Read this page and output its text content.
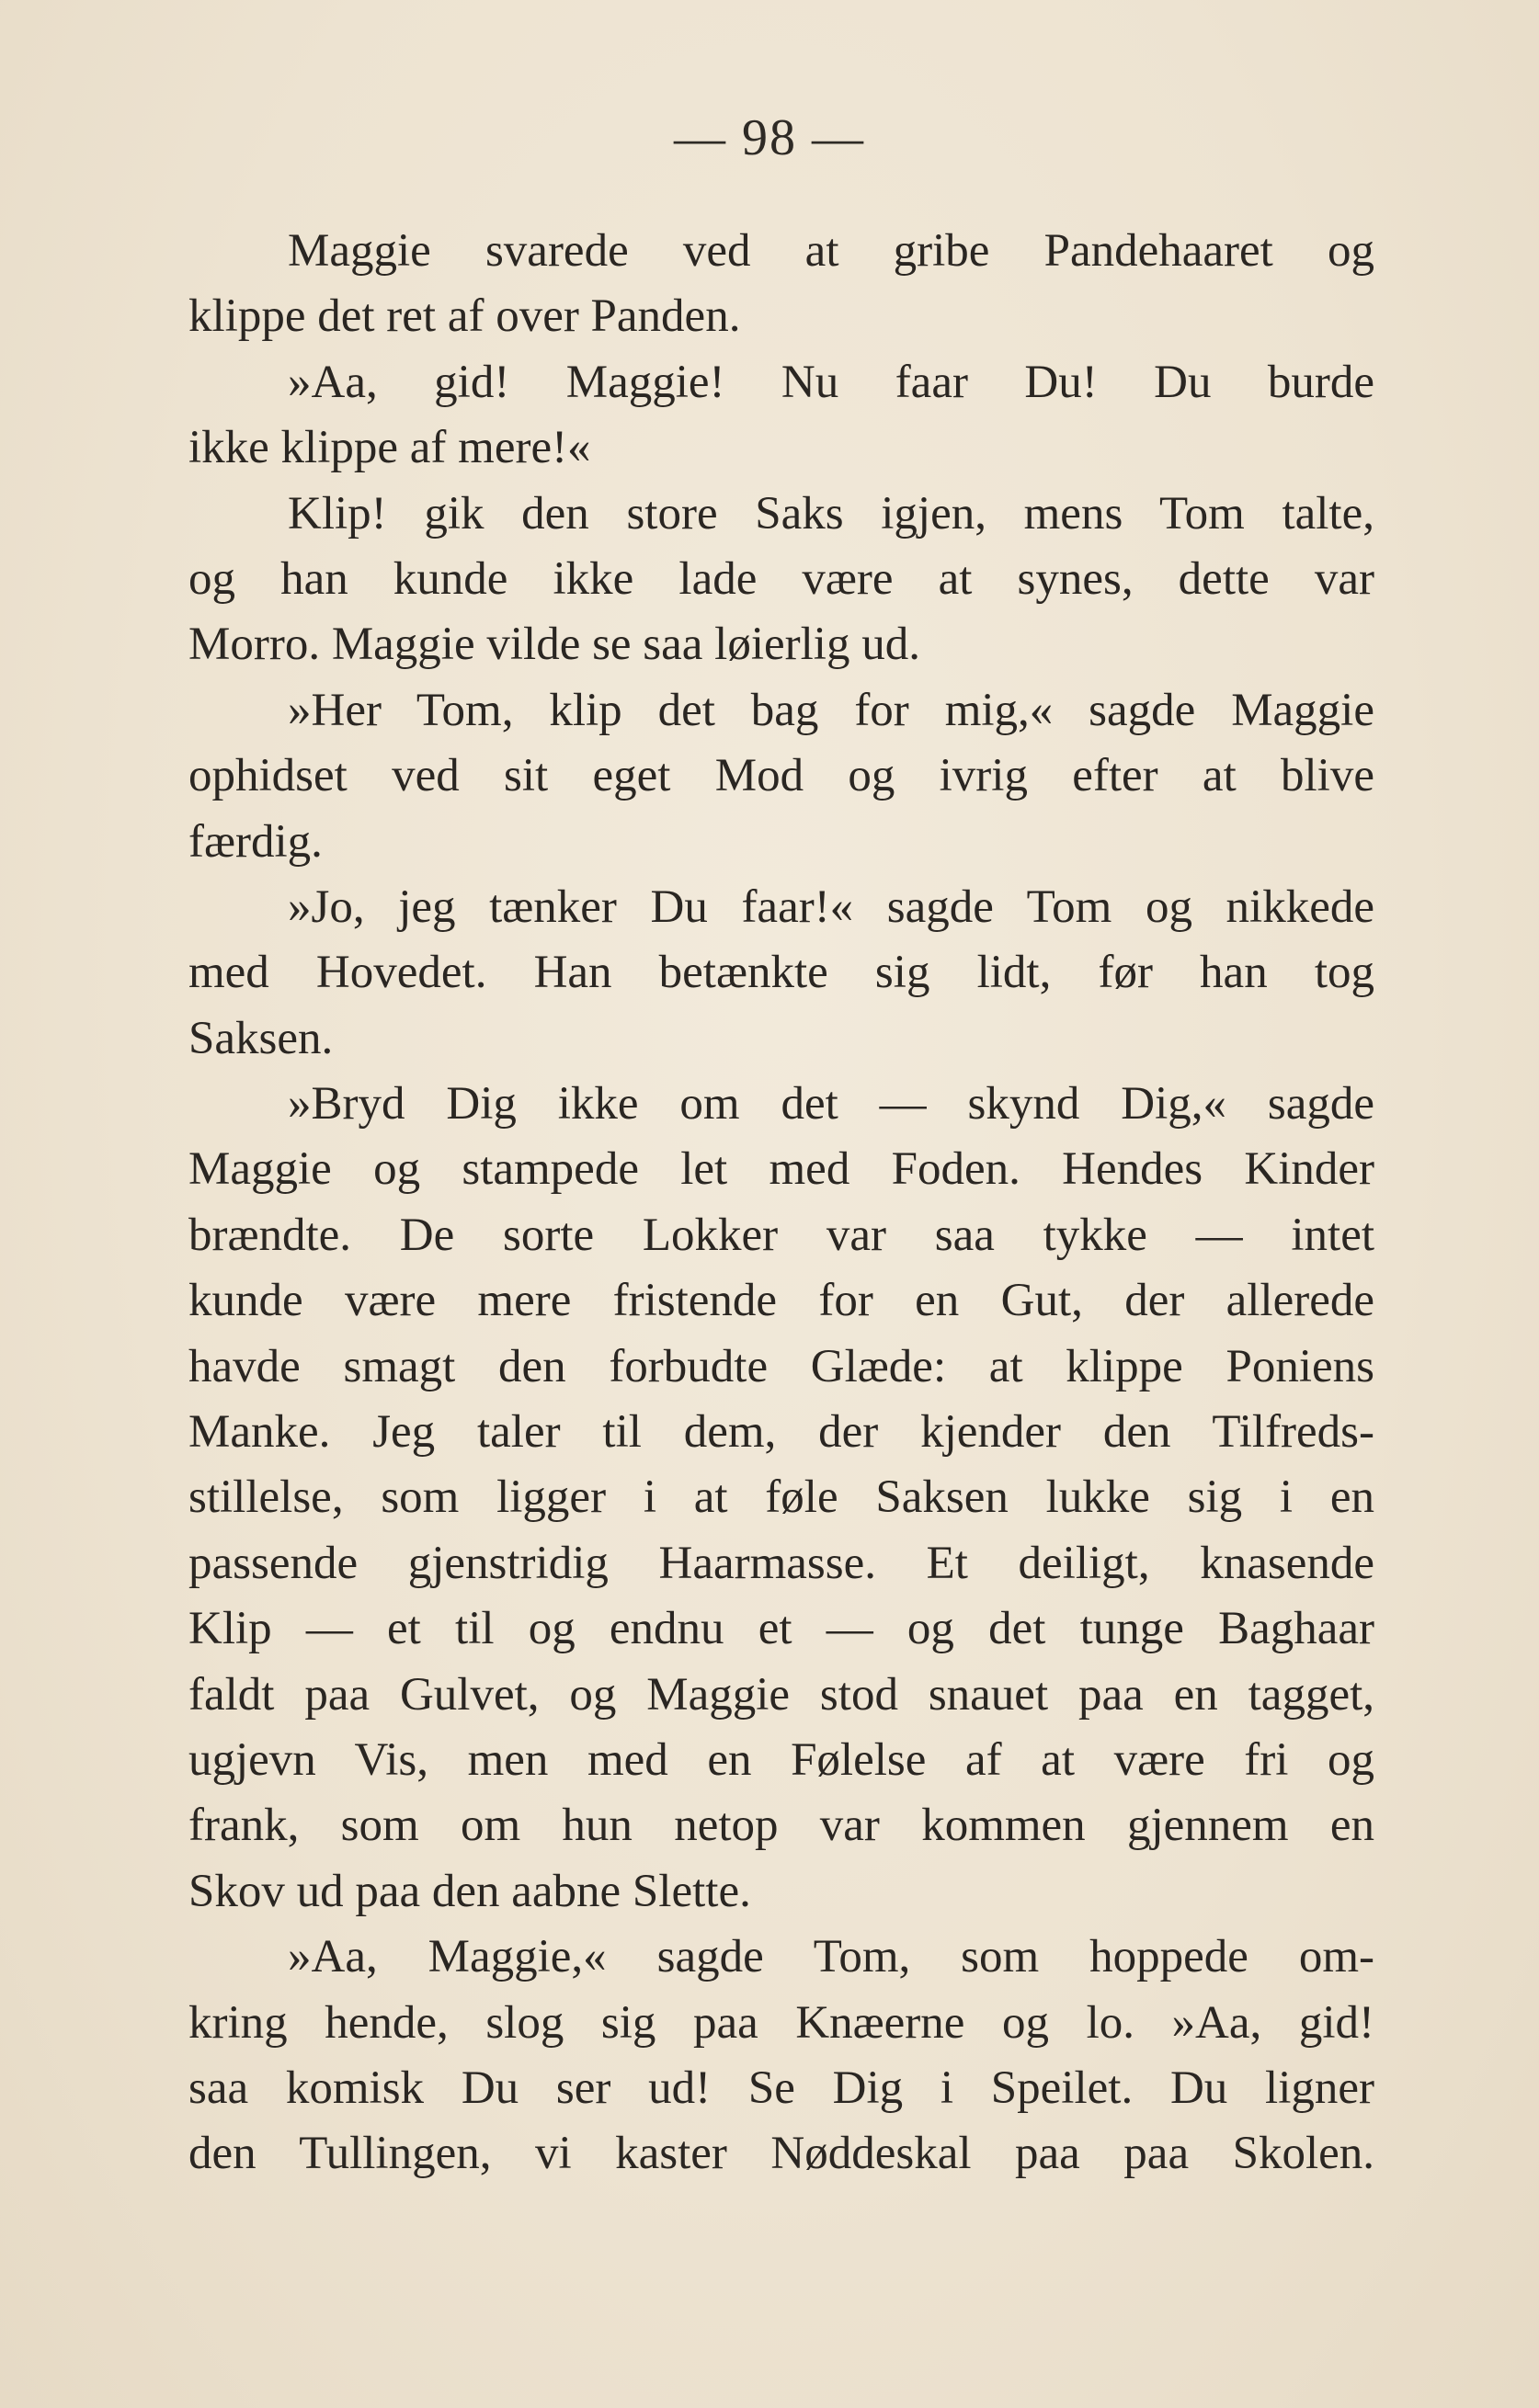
— 98 —
Maggie svarede ved at gribe Pandehaaret og
klippe det ret af over Panden.
»Aa, gid! Maggie! Nu faar Du! Du burde
ikke klippe af mere!«
Klip! gik den store Saks igjen, mens Tom talte,
og han kunde ikke lade være at synes, dette var
Morro. Maggie vilde se saa løierlig ud.
»Her Tom, klip det bag for mig,« sagde Maggie
ophidset ved sit eget Mod og ivrig efter at blive
færdig.
»Jo, jeg tænker Du faar!« sagde Tom og nikkede
med Hovedet. Han betænkte sig lidt, før han tog
Saksen.
»Bryd Dig ikke om det — skynd Dig,« sagde
Maggie og stampede let med Foden. Hendes Kinder
brændte. De sorte Lokker var saa tykke — intet
kunde være mere fristende for en Gut, der allerede
havde smagt den forbudte Glæde: at klippe Poniens
Manke. Jeg taler til dem, der kjender den Tilfreds-
stillelse, som ligger i at føle Saksen lukke sig i en
passende gjenstridig Haarmasse. Et deiligt, knasende
Klip — et til og endnu et — og det tunge Baghaar
faldt paa Gulvet, og Maggie stod snauet paa en tagget,
ugjevn Vis, men med en Følelse af at være fri og
frank, som om hun netop var kommen gjennem en
Skov ud paa den aabne Slette.
»Aa, Maggie,« sagde Tom, som hoppede om-
kring hende, slog sig paa Knæerne og lo. »Aa, gid!
saa komisk Du ser ud! Se Dig i Speilet. Du ligner
den Tullingen, vi kaster Nøddeskal paa paa Skolen.
